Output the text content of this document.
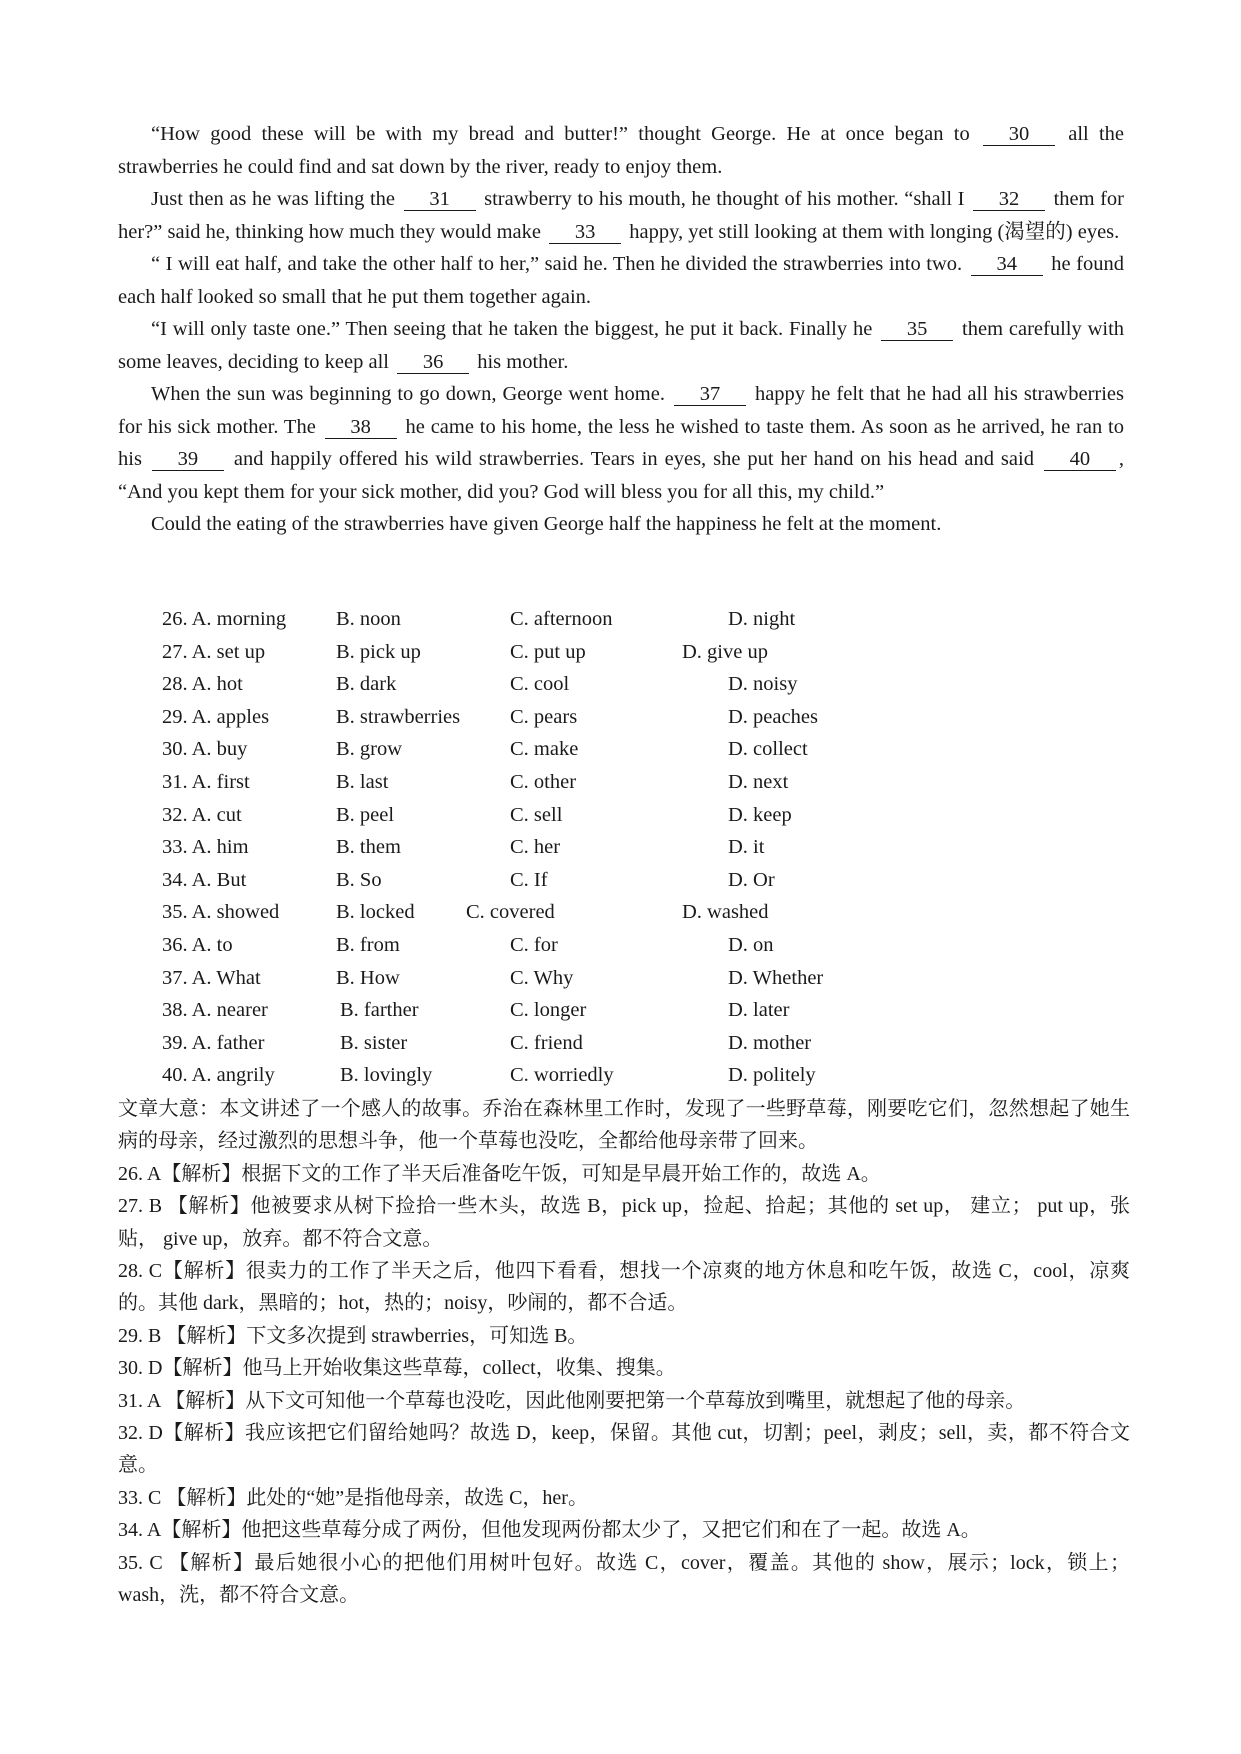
“How good these will be with my bread and butter!” thought George. He at once began to 30 all the strawberries he could find and sat down by the river, ready to enjoy them.

Just then as he was lifting the 31 strawberry to his mouth, he thought of his mother. “shall I 32 them for her?” said he, thinking how much they would make 33 happy, yet still looking at them with longing (渴望的) eyes.

“ I will eat half, and take the other half to her,” said he. Then he divided the strawberries into two. 34 he found each half looked so small that he put them together again.

“I will only taste one.” Then seeing that he taken the biggest, he put it back. Finally he 35 them carefully with some leaves, deciding to keep all 36 his mother.

When the sun was beginning to go down, George went home. 37 happy he felt that he had all his strawberries for his sick mother. The 38 he came to his home, the less he wished to taste them. As soon as he arrived, he ran to his 39 and happily offered his wild strawberries. Tears in eyes, she put her hand on his head and said 40 , “And you kept them for your sick mother, did you? God will bless you for all this, my child.”

Could the eating of the strawberries have given George half the happiness he felt at the moment.

26. A. morning B. noon	C. afternoon	D. night
27. A. set up	B. pick up	C. put up	D. give up
28. A. hot	B. dark	C. cool	D. noisy
29. A. apples	B. strawberries C. pears	D. peaches
30. A. buy	B. grow	C. make	D. collect
31. A. first	B. last	C. other	D. next
32. A. cut	B. peel	C. sell	D. keep
33. A. him	B. them	C. her	D. it
34. A. But	B. So	C. If	D. Or
35. A. showed	B. locked	C. covered	D. washed
36. A. to	B. from	C. for	D. on
37. A. What	B. How	C. Why	D. Whether
38. A. nearer	B. farther	C. longer	D. later
39. A. father	B. sister	C. friend	D. mother
40. A. angrily	B. lovingly	C. worriedly	D. politely

文章大意：本文讲述了一个感人的故事。乔治在森林里工作时，发现了一些野草莓，刚要吃它们，忽然想起了她生病的母亲，经过激烈的思想斗争，他一个草莓也没吃，全都给他母亲带了回来。

26. A【解析】根据下文的工作了半天后准备吃午饭，可知是早晨开始工作的，故选 A。

27. B 【解析】他被要求从树下捡拾一些木头，故选 B，pick up，捡起、拾起；其他的 set up， 建立； put up，张贴， give up，放弃。都不符合文意。

28. C【解析】很卖力的工作了半天之后，他四下看看，想找一个凉爽的地方休息和吃午饭，故选 C，cool，凉爽的。其他 dark，黑暗的；hot，热的；noisy，吵闹的，都不合适。

29. B 【解析】下文多次提到 strawberries，可知选 B。

30. D【解析】他马上开始收集这些草莓，collect，收集、搜集。

31. A 【解析】从下文可知他一个草莓也没吃，因此他刚要把第一个草莓放到嘴里，就想起了他的母亲。

32. D【解析】我应该把它们留给她吗？故选 D，keep，保留。其他 cut，切割；peel，剥皮；sell，卖，都不符合文意。

33. C 【解析】此处的“她”是指他母亲，故选 C，her。

34. A【解析】他把这些草莓分成了两份，但他发现两份都太少了，又把它们和在了一起。故选 A。

35. C 【解析】最后她很小心的把他们用树叶包好。故选 C，cover，覆盖。其他的 show，展示；lock，锁上；wash，洗，都不符合文意。
